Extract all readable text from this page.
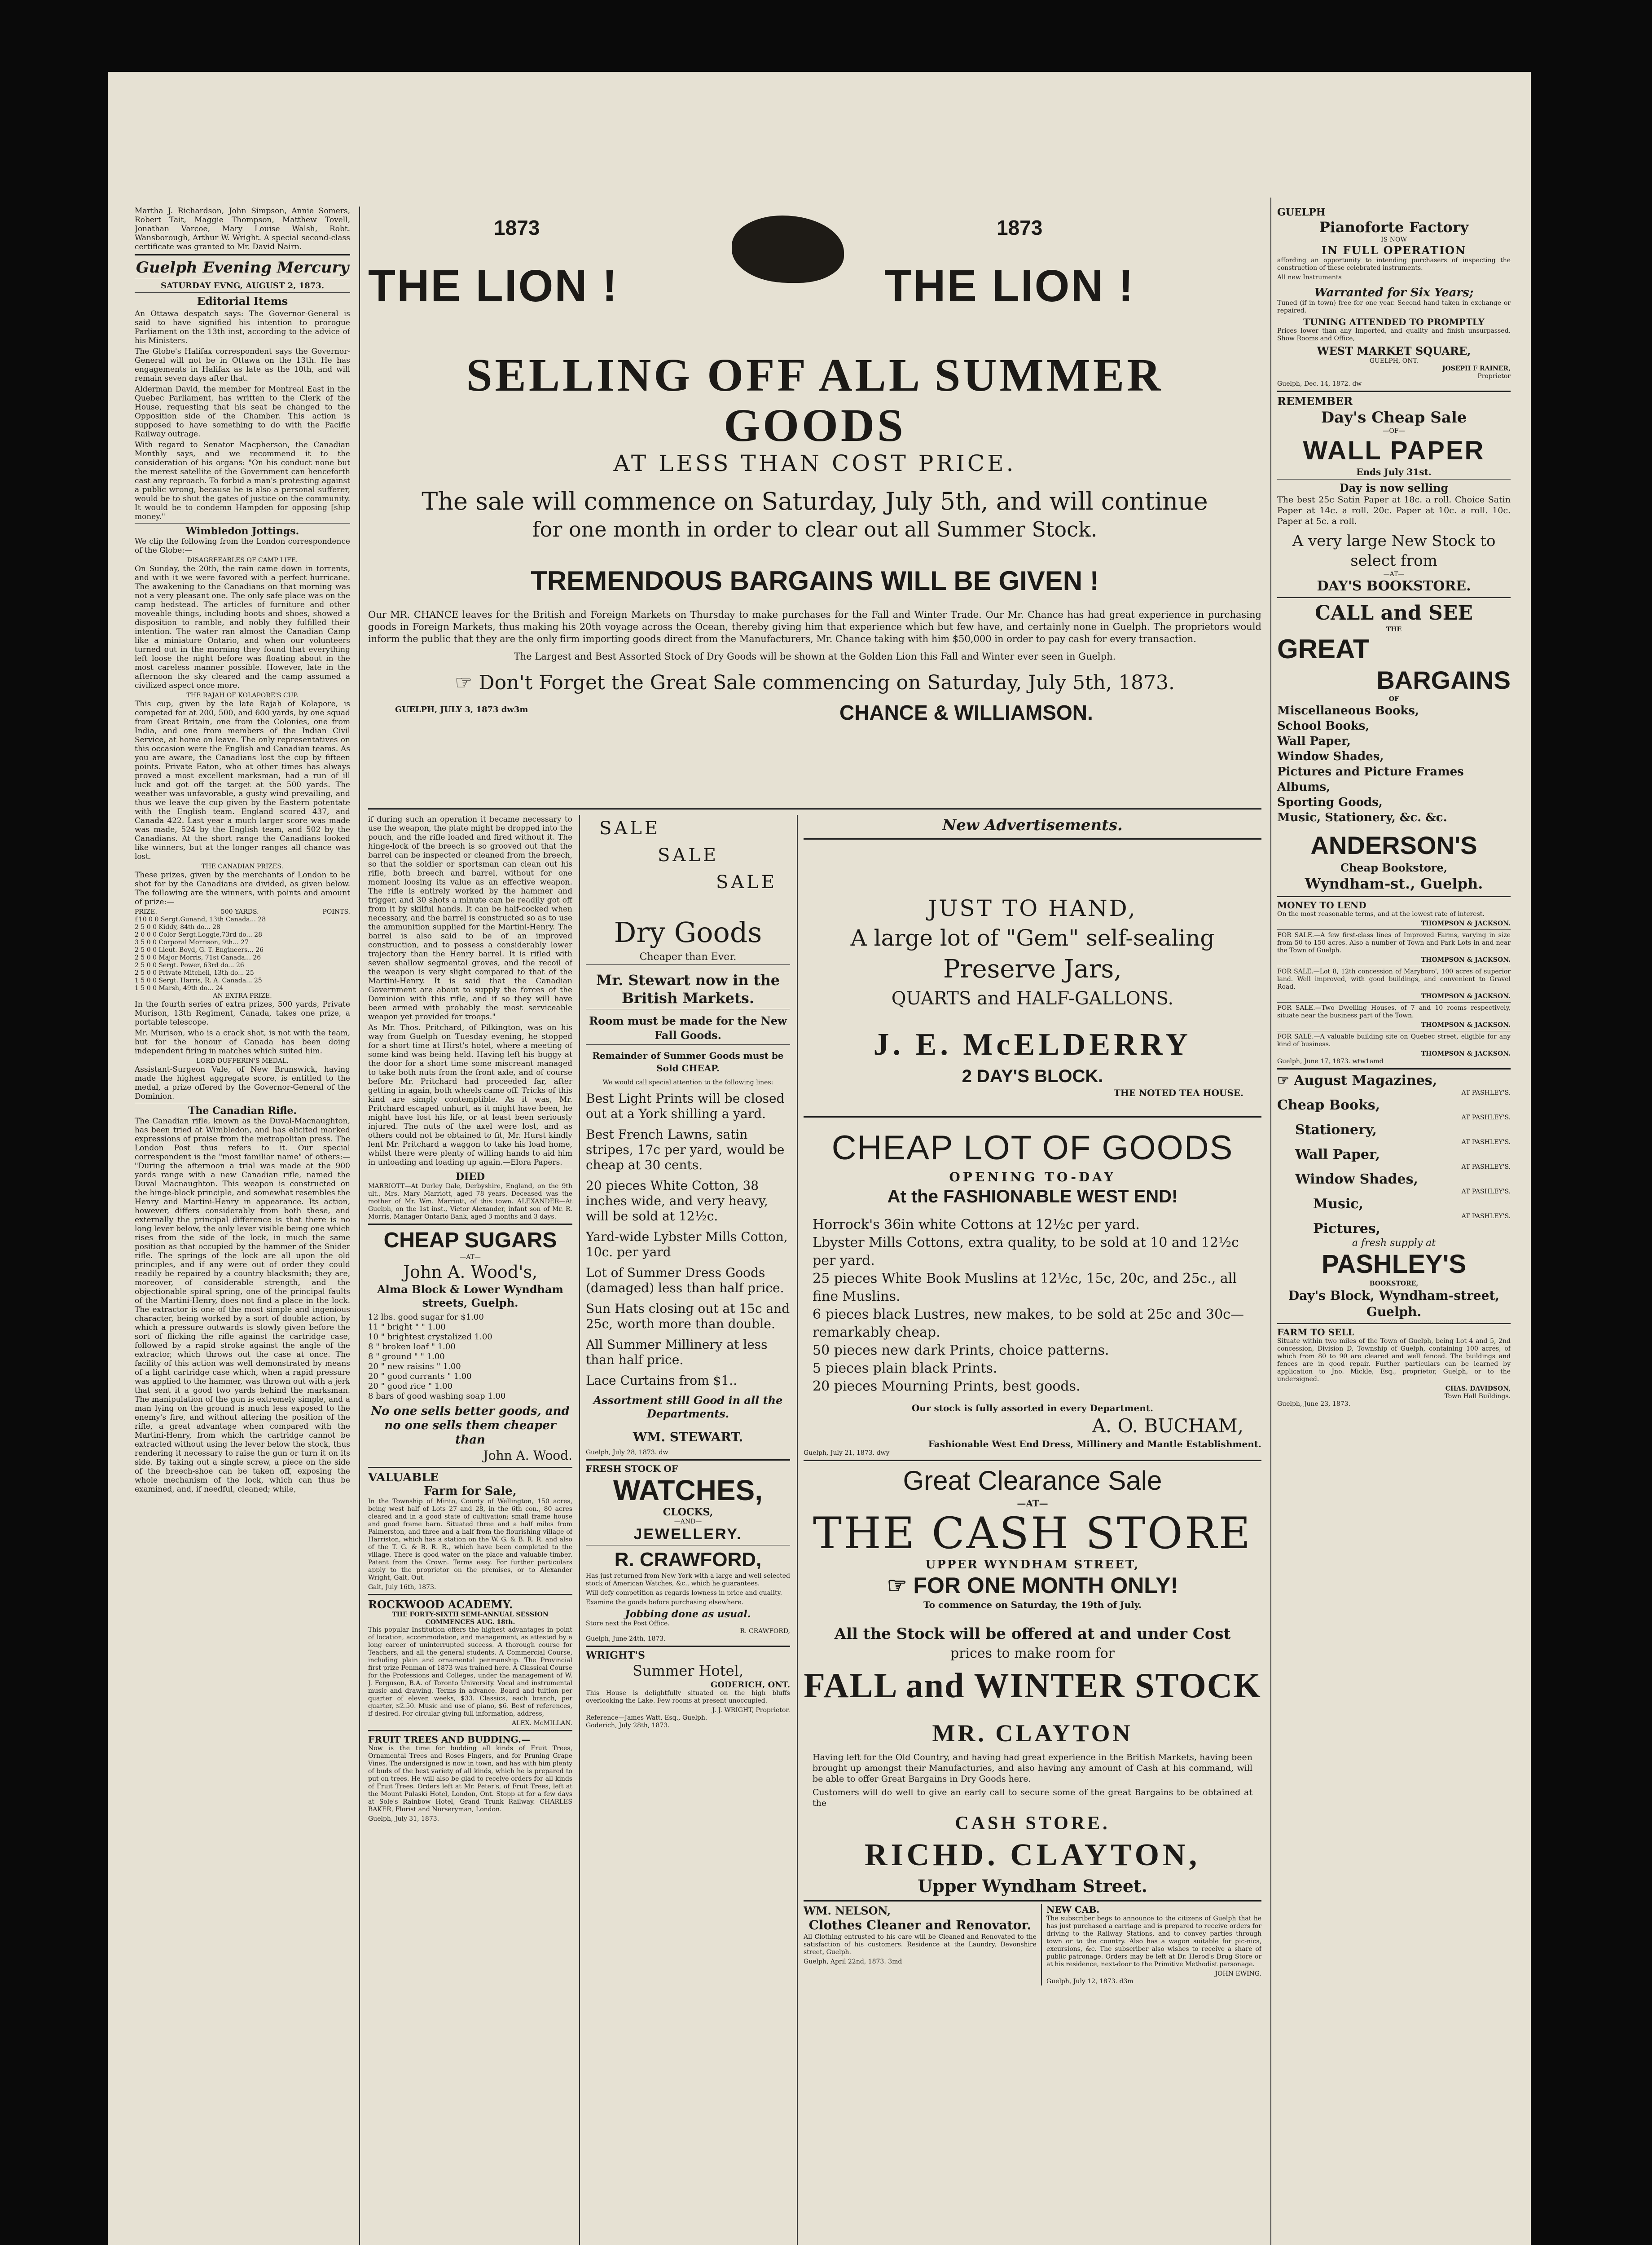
Martha J. Richardson, John Simpson, Annie Somers, Robert Tait, Maggie Thompson, Matthew Tovell, Jonathan Varcoe, Mary Louise Walsh, Robt. Wansborough, Arthur W. Wright. A special second-class certificate was granted to Mr. David Nairn.

Guelph Evening Mercury
SATURDAY EVNG, AUGUST 2, 1873.
Editorial Items

An Ottawa despatch says: The Governor-General is said to have signified his intention to prorogue Parliament on the 13th inst, according to the advice of his Ministers.

The Globe's Halifax correspondent says the Governor-General will not be in Ottawa on the 13th. He has engagements in Halifax as late as the 10th, and will remain seven days after that.

Alderman David, the member for Montreal East in the Quebec Parliament, has written to the Clerk of the House, requesting that his seat be changed to the Opposition side of the Chamber. This action is supposed to have something to do with the Pacific Railway outrage.

With regard to Senator Macpherson, the Canadian Monthly says, and we recommend it to the consideration of his organs: "On his conduct none but the merest satellite of the Government can henceforth cast any reproach. To forbid a man's protesting against a public wrong, because he is also a personal sufferer, would be to shut the gates of justice on the community. It would be to condemn Hampden for opposing [ship money."

Wimbledon Jottings.

We clip the following from the London correspondence of the Globe:—

DISAGREEABLES OF CAMP LIFE.

On Sunday, the 20th, the rain came down in torrents, and with it we were favored with a perfect hurricane. The awakening to the Canadians on that morning was not a very pleasant one. The only safe place was on the camp bedstead. The articles of furniture and other moveable things, including boots and shoes, showed a disposition to ramble, and nobly they fulfilled their intention. The water ran almost the Canadian Camp like a miniature Ontario, and when our volunteers turned out in the morning they found that everything left loose the night before was floating about in the most careless manner possible. However, late in the afternoon the sky cleared and the camp assumed a civilized aspect once more.

THE RAJAH OF KOLAPORE'S CUP.

This cup, given by the late Rajah of Kolapore, is competed for at 200, 500, and 600 yards, by one squad from Great Britain, one from the Colonies, one from India, and one from members of the Indian Civil Service, at home on leave. The only representatives on this occasion were the English and Canadian teams. As you are aware, the Canadians lost the cup by fifteen points. Private Eaton, who at other times has always proved a most excellent marksman, had a run of ill luck and got off the target at the 500 yards. The weather was unfavorable, a gusty wind prevailing, and thus we leave the cup given by the Eastern potentate with the English team. England scored 437, and Canada 422. Last year a much larger score was made was made, 524 by the English team, and 502 by the Canadians. At the short range the Canadians looked like winners, but at the longer ranges all chance was lost.

THE CANADIAN PRIZES.

These prizes, given by the merchants of London to be shot for by the Canadians are divided, as given below. The following are the winners, with points and amount of prize:—

PRIZE.	500 YARDS.	POINTS.
£10 0 0 Sergt.Gunand, 13th Canada... 28
2 5 0 0 Kiddy, 84th do... 28
2 0 0 0 Color-Sergt.Loggie,73rd do... 28
3 5 0 0 Corporal Morrison, 9th... 27
2 5 0 0 Lieut. Boyd, G. T. Engineers... 26
2 5 0 0 Major Morris, 71st Canada... 26
2 5 0 0 Sergt. Power, 63rd do... 26
2 5 0 0 Private Mitchell, 13th do... 25
1 5 0 0 Sergt. Harris, R. A. Canada... 25
1 5 0 0 Marsh, 49th do... 24
AN EXTRA PRIZE.

In the fourth series of extra prizes, 500 yards, Private Murison, 13th Regiment, Canada, takes one prize, a portable telescope.

Mr. Murison, who is a crack shot, is not with the team, but for the honour of Canada has been doing independent firing in matches which suited him.

LORD DUFFERIN'S MEDAL.

Assistant-Surgeon Vale, of New Brunswick, having made the highest aggregate score, is entitled to the medal, a prize offered by the Governor-General of the Dominion.

The Canadian Rifle.

The Canadian rifle, known as the Duval-Macnaughton, has been tried at Wimbledon, and has elicited marked expressions of praise from the metropolitan press. The London Post thus refers to it. Our special correspondent is the "most familiar name" of others:— "During the afternoon a trial was made at the 900 yards range with a new Canadian rifle, named the Duval Macnaughton. This weapon is constructed on the hinge-block principle, and somewhat resembles the Henry and Martini-Henry in appearance. Its action, however, differs considerably from both these, and externally the principal difference is that there is no long lever below, the only lever visible being one which rises from the side of the lock, in much the same position as that occupied by the hammer of the Snider rifle. The springs of the lock are all upon the old principles, and if any were out of order they could readily be repaired by a country blacksmith; they are, moreover, of considerable strength, and the objectionable spiral spring, one of the principal faults of the Martini-Henry, does not find a place in the lock. The extractor is one of the most simple and ingenious character, being worked by a sort of double action, by which a pressure outwards is slowly given before the sort of flicking the rifle against the cartridge case, followed by a rapid stroke against the angle of the extractor, which throws out the case at once. The facility of this action was well demonstrated by means of a light cartridge case which, when a rapid pressure was applied to the hammer, was thrown out with a jerk that sent it a good two yards behind the marksman. The manipulation of the gun is extremely simple, and a man lying on the ground is much less exposed to the enemy's fire, and without altering the position of the rifle, a great advantage when compared with the Martini-Henry, from which the cartridge cannot be extracted without using the lever below the stock, thus rendering it necessary to raise the gun or turn it on its side. By taking out a single screw, a piece on the side of the breech-shoe can be taken off, exposing the whole mechanism of the lock, which can thus be examined, and, if needful, cleaned; while,

1873	1873
THE LION !	THE LION !
SELLING OFF ALL SUMMER GOODS
AT LESS THAN COST PRICE.
The sale will commence on Saturday, July 5th, and will continue
for one month in order to clear out all Summer Stock.
TREMENDOUS BARGAINS WILL BE GIVEN !

Our MR. CHANCE leaves for the British and Foreign Markets on Thursday to make purchases for the Fall and Winter Trade. Our Mr. Chance has had great experience in purchasing goods in Foreign Markets, thus making his 20th voyage across the Ocean, thereby giving him that experience which but few have, and certainly none in Guelph. The proprietors would inform the public that they are the only firm importing goods direct from the Manufacturers, Mr. Chance taking with him $50,000 in order to pay cash for every transaction.

The Largest and Best Assorted Stock of Dry Goods will be shown at the Golden Lion this Fall and Winter ever seen in Guelph.

☞ Don't Forget the Great Sale commencing on Saturday, July 5th, 1873.
GUELPH, JULY 3, 1873 dw3m	CHANCE & WILLIAMSON.

if during such an operation it became necessary to use the weapon, the plate might be dropped into the pouch, and the rifle loaded and fired without it. The hinge-lock of the breech is so grooved out that the barrel can be inspected or cleaned from the breech, so that the soldier or sportsman can clean out his rifle, both breech and barrel, without for one moment loosing its value as an effective weapon. The rifle is entirely worked by the hammer and trigger, and 30 shots a minute can be readily got off from it by skilful hands. It can be half-cocked when necessary, and the barrel is constructed so as to use the ammunition supplied for the Martini-Henry. The barrel is also said to be of an improved construction, and to possess a considerably lower trajectory than the Henry barrel. It is rifled with seven shallow segmental groves, and the recoil of the weapon is very slight compared to that of the Martini-Henry. It is said that the Canadian Government are about to supply the forces of the Dominion with this rifle, and if so they will have been armed with probably the most serviceable weapon yet provided for troops."

As Mr. Thos. Pritchard, of Pilkington, was on his way from Guelph on Tuesday evening, he stopped for a short time at Hirst's hotel, where a meeting of some kind was being held. Having left his buggy at the door for a short time some miscreant managed to take both nuts from the front axle, and of course before Mr. Pritchard had proceeded far, after getting in again, both wheels came off. Tricks of this kind are simply contemptible. As it was, Mr. Pritchard escaped unhurt, as it might have been, he might have lost his life, or at least been seriously injured. The nuts of the axel were lost, and as others could not be obtained to fit, Mr. Hurst kindly lent Mr. Pritchard a waggon to take his load home, whilst there were plenty of willing hands to aid him in unloading and loading up again.—Elora Papers.

DIED

MARRIOTT—At Durley Dale, Derbyshire, England, on the 9th ult., Mrs. Mary Marriott, aged 78 years. Deceased was the mother of Mr. Wm. Marriott, of this town. ALEXANDER—At Guelph, on the 1st inst., Victor Alexander, infant son of Mr. R. Morris, Manager Ontario Bank, aged 3 months and 3 days.

CHEAP SUGARS
—AT—
John A. Wood's,
Alma Block & Lower Wyndham streets, Guelph.
12 lbs. good sugar for $1.00
11 " bright " " 1.00
10 " brightest crystalized 1.00
8 " broken loaf " 1.00
8 " ground " " 1.00
20 " new raisins " 1.00
20 " good currants " 1.00
20 " good rice " 1.00
8 bars of good washing soap 1.00
No one sells better goods, and no one sells them cheaper than
John A. Wood.
VALUABLE
Farm for Sale,

In the Township of Minto, County of Wellington, 150 acres, being west half of Lots 27 and 28, in the 6th con., 80 acres cleared and in a good state of cultivation; small frame house and good frame barn. Situated three and a half miles from Palmerston, and three and a half from the flourishing village of Harriston, which has a station on the W. G. & B. R. R. and also of the T. G. & B. R. R., which have been completed to the village. There is good water on the place and valuable timber. Patent from the Crown. Terms easy. For further particulars apply to the proprietor on the premises, or to Alexander Wright, Galt, Out.

Galt, July 16th, 1873.
ROCKWOOD ACADEMY.
THE FORTY-SIXTH SEMI-ANNUAL SESSION COMMENCES AUG. 18th.

This popular Institution offers the highest advantages in point of location, accommodation, and management, as attested by a long career of uninterrupted success. A thorough course for Teachers, and all the general students. A Commercial Course, including plain and ornamental penmanship. The Provincial first prize Penman of 1873 was trained here. A Classical Course for the Professions and Colleges, under the management of W. J. Ferguson, B.A. of Toronto University. Vocal and instrumental music and drawing. Terms in advance. Board and tuition per quarter of eleven weeks, $33. Classics, each branch, per quarter, $2.50. Music and use of piano, $6. Best of references, if desired. For circular giving full information, address,

ALEX. McMILLAN.
FRUIT TREES AND BUDDING.—

Now is the time for budding all kinds of Fruit Trees, Ornamental Trees and Roses Fingers, and for Pruning Grape Vines. The undersigned is now in town, and has with him plenty of buds of the best variety of all kinds, which he is prepared to put on trees. He will also be glad to receive orders for all kinds of Fruit Trees. Orders left at Mr. Peter's, of Fruit Trees, left at the Mount Pulaski Hotel, London, Ont. Stopp at for a few days at Sole's Rainbow Hotel, Grand Trunk Railway. CHARLES BAKER, Florist and Nurseryman, London.

Guelph, July 31, 1873.
SALE
SALE
SALE
Dry Goods
Cheaper than Ever.
Mr. Stewart now in the British Markets.
Room must be made for the New Fall Goods.
Remainder of Summer Goods must be Sold CHEAP.
We would call special attention to the following lines:
Best Light Prints will be closed out at a York shilling a yard.
Best French Lawns, satin stripes, 17c per yard, would be cheap at 30 cents.
20 pieces White Cotton, 38 inches wide, and very heavy, will be sold at 12½c.
Yard-wide Lybster Mills Cotton, 10c. per yard
Lot of Summer Dress Goods (damaged) less than half price.
Sun Hats closing out at 15c and 25c, worth more than double.
All Summer Millinery at less than half price.
Lace Curtains from $1..
Assortment still Good in all the Departments.
WM. STEWART.
Guelph, July 28, 1873. dw
FRESH STOCK OF
WATCHES,
CLOCKS,
—AND—
JEWELLERY.
R. CRAWFORD,

Has just returned from New York with a large and well selected stock of American Watches, &c., which he guarantees.

Will defy competition as regards lowness in price and quality.

Examine the goods before purchasing elsewhere.

Jobbing done as usual.
Store next the Post Office.
R. CRAWFORD,
Guelph, June 24th, 1873.
WRIGHT'S
Summer Hotel,
GODERICH, ONT.

This House is delightfully situated on the high bluffs overlooking the Lake. Few rooms at present unoccupied.

J. J. WRIGHT, Proprietor.
Reference—James Watt, Esq., Guelph.
Goderich, July 28th, 1873.
New Advertisements.
JUST TO HAND,
A large lot of "Gem" self-sealing
Preserve Jars,
QUARTS and HALF-GALLONS.
J. E. McELDERRY
2 DAY'S BLOCK.
THE NOTED TEA HOUSE.
CHEAP LOT OF GOODS
OPENING TO-DAY
At the FASHIONABLE WEST END!
Horrock's 36in white Cottons at 12½c per yard.
Lbyster Mills Cottons, extra quality, to be sold at 10 and 12½c per yard.
25 pieces White Book Muslins at 12½c, 15c, 20c, and 25c., all fine Muslins.
6 pieces black Lustres, new makes, to be sold at 25c and 30c—remarkably cheap.
50 pieces new dark Prints, choice patterns.
5 pieces plain black Prints.
20 pieces Mourning Prints, best goods.
Our stock is fully assorted in every Department.
A. O. BUCHAM,
Fashionable West End Dress, Millinery and Mantle Establishment.
Guelph, July 21, 1873. dwy
Great Clearance Sale
—AT—
THE CASH STORE
UPPER WYNDHAM STREET,
☞ FOR ONE MONTH ONLY!
To commence on Saturday, the 19th of July.
All the Stock will be offered at and under Cost
prices to make room for
FALL and WINTER STOCK
MR. CLAYTON

Having left for the Old Country, and having had great experience in the British Markets, having been brought up amongst their Manufacturies, and also having any amount of Cash at his command, will be able to offer Great Bargains in Dry Goods here.

Customers will do well to give an early call to secure some of the great Bargains to be obtained at the

CASH STORE.
RICHD. CLAYTON,
Upper Wyndham Street.
WM. NELSON,
Clothes Cleaner and Renovator.

All Clothing entrusted to his care will be Cleaned and Renovated to the satisfaction of his customers. Residence at the Laundry, Devonshire street, Guelph.

Guelph, April 22nd, 1873. 3md
NEW CAB.

The subscriber begs to announce to the citizens of Guelph that he has just purchased a carriage and is prepared to receive orders for driving to the Railway Stations, and to convey parties through town or to the country. Also has a wagon suitable for pic-nics, excursions, &c. The subscriber also wishes to receive a share of public patronage. Orders may be left at Dr. Herod's Drug Store or at his residence, next-door to the Primitive Methodist parsonage.

JOHN EWING.
Guelph, July 12, 1873. d3m
GUELPH
Pianoforte Factory
IS NOW
IN FULL OPERATION

affording an opportunity to intending purchasers of inspecting the construction of these celebrated instruments.

All new Instruments
Warranted for Six Years;

Tuned (if in town) free for one year. Second hand taken in exchange or repaired.

TUNING ATTENDED TO PROMPTLY

Prices lower than any Imported, and quality and finish unsurpassed. Show Rooms and Office,

WEST MARKET SQUARE,
GUELPH, ONT.
JOSEPH F RAINER,
Proprietor
Guelph, Dec. 14, 1872. dw
REMEMBER
Day's Cheap Sale
—OF—
WALL PAPER
Ends July 31st.
Day is now selling

The best 25c Satin Paper at 18c. a roll. Choice Satin Paper at 14c. a roll. 20c. Paper at 10c. a roll. 10c. Paper at 5c. a roll.

A very large New Stock to select from
—AT—
DAY'S BOOKSTORE.
CALL and SEE
THE
GREAT
BARGAINS
OF
Miscellaneous Books,
School Books,
Wall Paper,
Window Shades,
Pictures and Picture Frames
Albums,
Sporting Goods,
Music, Stationery, &c. &c.
ANDERSON'S
Cheap Bookstore,
Wyndham-st., Guelph.
MONEY TO LEND

On the most reasonable terms, and at the lowest rate of interest.

THOMPSON & JACKSON.

FOR SALE.—A few first-class lines of Improved Farms, varying in size from 50 to 150 acres. Also a number of Town and Park Lots in and near the Town of Guelph.

THOMPSON & JACKSON.

FOR SALE.—Lot 8, 12th concession of Maryboro', 100 acres of superior land. Well improved, with good buildings, and convenient to Gravel Road.

THOMPSON & JACKSON.

FOR SALE.—Two Dwelling Houses, of 7 and 10 rooms respectively, situate near the business part of the Town.

THOMPSON & JACKSON.

FOR SALE.—A valuable building site on Quebec street, eligible for any kind of business.

THOMPSON & JACKSON.
Guelph, June 17, 1873. wtw1amd
☞ August Magazines,
AT PASHLEY'S.
Cheap Books,
AT PASHLEY'S.
Stationery,
AT PASHLEY'S.
Wall Paper,
AT PASHLEY'S.
Window Shades,
AT PASHLEY'S.
Music,
AT PASHLEY'S.
Pictures,
a fresh supply at
PASHLEY'S
BOOKSTORE,
Day's Block, Wyndham-street, Guelph.
FARM TO SELL

Situate within two miles of the Town of Guelph, being Lot 4 and 5, 2nd concession, Division D, Township of Guelph, containing 100 acres, of which from 80 to 90 are cleared and well fenced. The buildings and fences are in good repair. Further particulars can be learned by application to Jno. Mickle, Esq., proprietor, Guelph, or to the undersigned.

CHAS. DAVIDSON,
Town Hall Buildings.
Guelph, June 23, 1873.
